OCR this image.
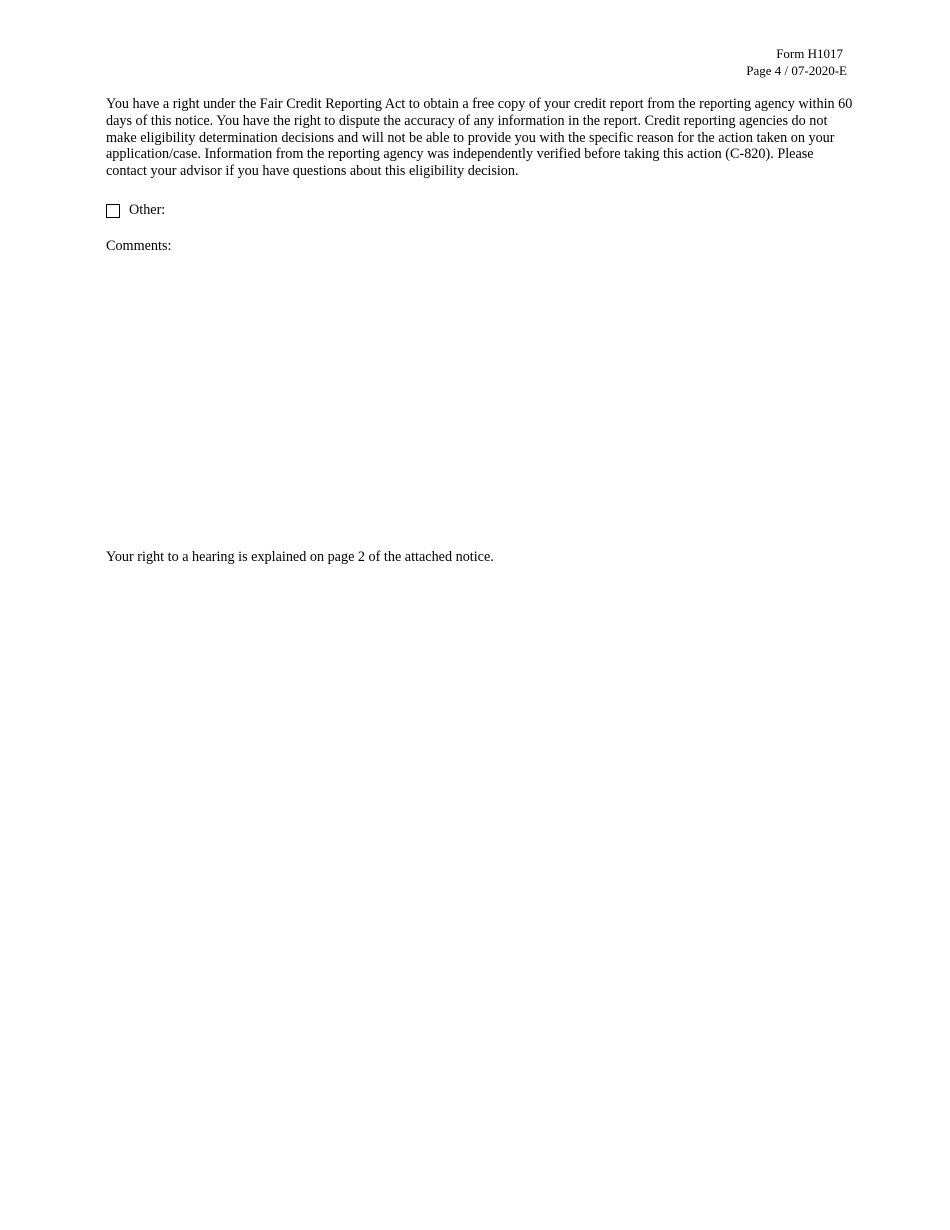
Form H1017
Page 4 / 07-2020-E
You have a right under the Fair Credit Reporting Act to obtain a free copy of your credit report from the reporting agency within 60 days of this notice. You have the right to dispute the accuracy of any information in the report. Credit reporting agencies do not make eligibility determination decisions and will not be able to provide you with the specific reason for the action taken on your application/case. Information from the reporting agency was independently verified before taking this action (C-820). Please contact your advisor if you have questions about this eligibility decision.
Other:
Comments:
Your right to a hearing is explained on page 2 of the attached notice.
